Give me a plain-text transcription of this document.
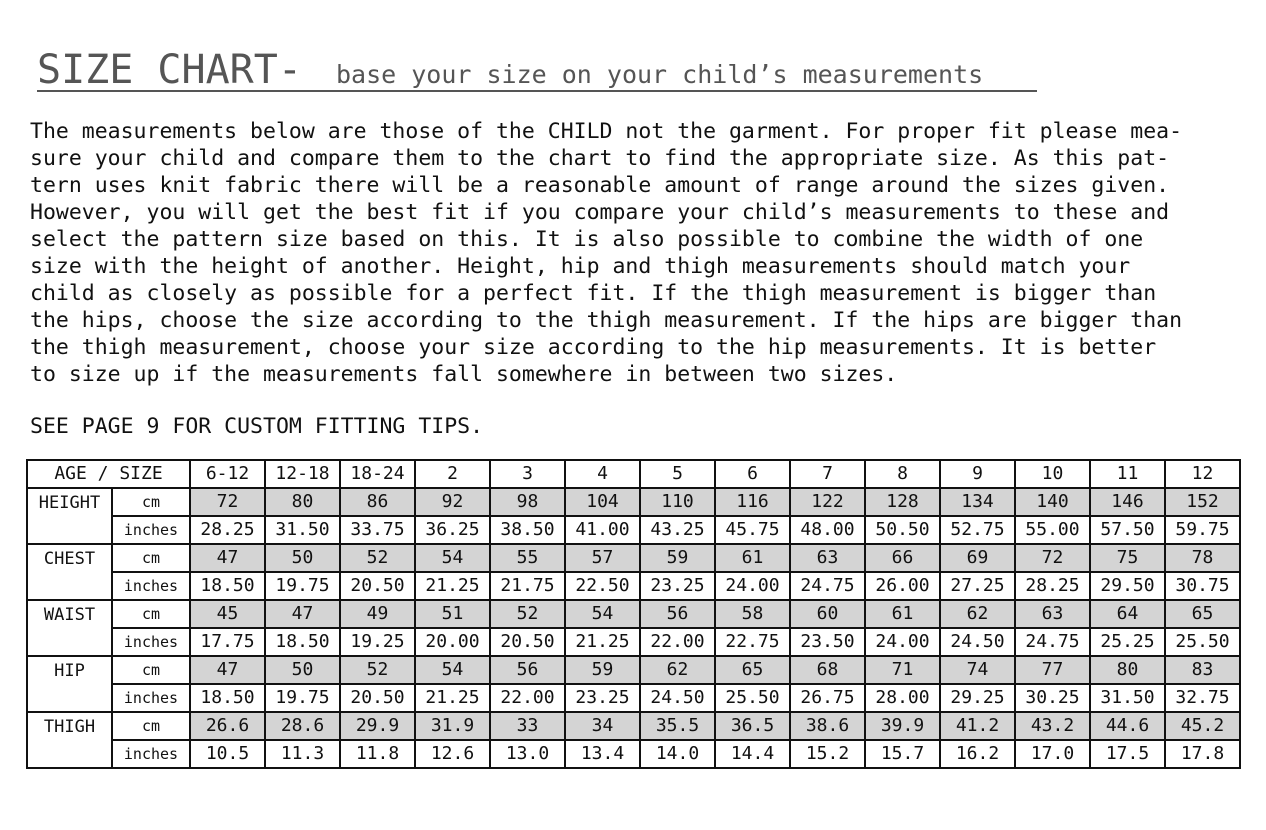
SIZE CHART- base your size on your child’s measurements
The measurements below are those of the CHILD not the garment. For proper fit please mea-
sure your child and compare them to the chart to find the appropriate size. As this pat-
tern uses knit fabric there will be a reasonable amount of range around the sizes given.
However, you will get the best fit if you compare your child’s measurements to these and
select the pattern size based on this. It is also possible to combine the width of one
size with the height of another. Height, hip and thigh measurements should match your
child as closely as possible for a perfect fit. If the thigh measurement is bigger than
the hips, choose the size according to the thigh measurement. If the hips are bigger than
the thigh measurement, choose your size according to the hip measurements. It is better
to size up if the measurements fall somewhere in between two sizes.
SEE PAGE 9 FOR CUSTOM FITTING TIPS.
AGE / SIZE		6-12	12-18	18-24	2	3	4	5	6	7	8	9	10	11	12
HEIGHT	cm	72	80	86	92	98	104	110	116	122	128	134	140	146	152
	inches	28.25	31.50	33.75	36.25	38.50	41.00	43.25	45.75	48.00	50.50	52.75	55.00	57.50	59.75
CHEST	cm	47	50	52	54	55	57	59	61	63	66	69	72	75	78
	inches	18.50	19.75	20.50	21.25	21.75	22.50	23.25	24.00	24.75	26.00	27.25	28.25	29.50	30.75
WAIST	cm	45	47	49	51	52	54	56	58	60	61	62	63	64	65
	inches	17.75	18.50	19.25	20.00	20.50	21.25	22.00	22.75	23.50	24.00	24.50	24.75	25.25	25.50
HIP	cm	47	50	52	54	56	59	62	65	68	71	74	77	80	83
	inches	18.50	19.75	20.50	21.25	22.00	23.25	24.50	25.50	26.75	28.00	29.25	30.25	31.50	32.75
THIGH	cm	26.6	28.6	29.9	31.9	33	34	35.5	36.5	38.6	39.9	41.2	43.2	44.6	45.2
	inches	10.5	11.3	11.8	12.6	13.0	13.4	14.0	14.4	15.2	15.7	16.2	17.0	17.5	17.8
